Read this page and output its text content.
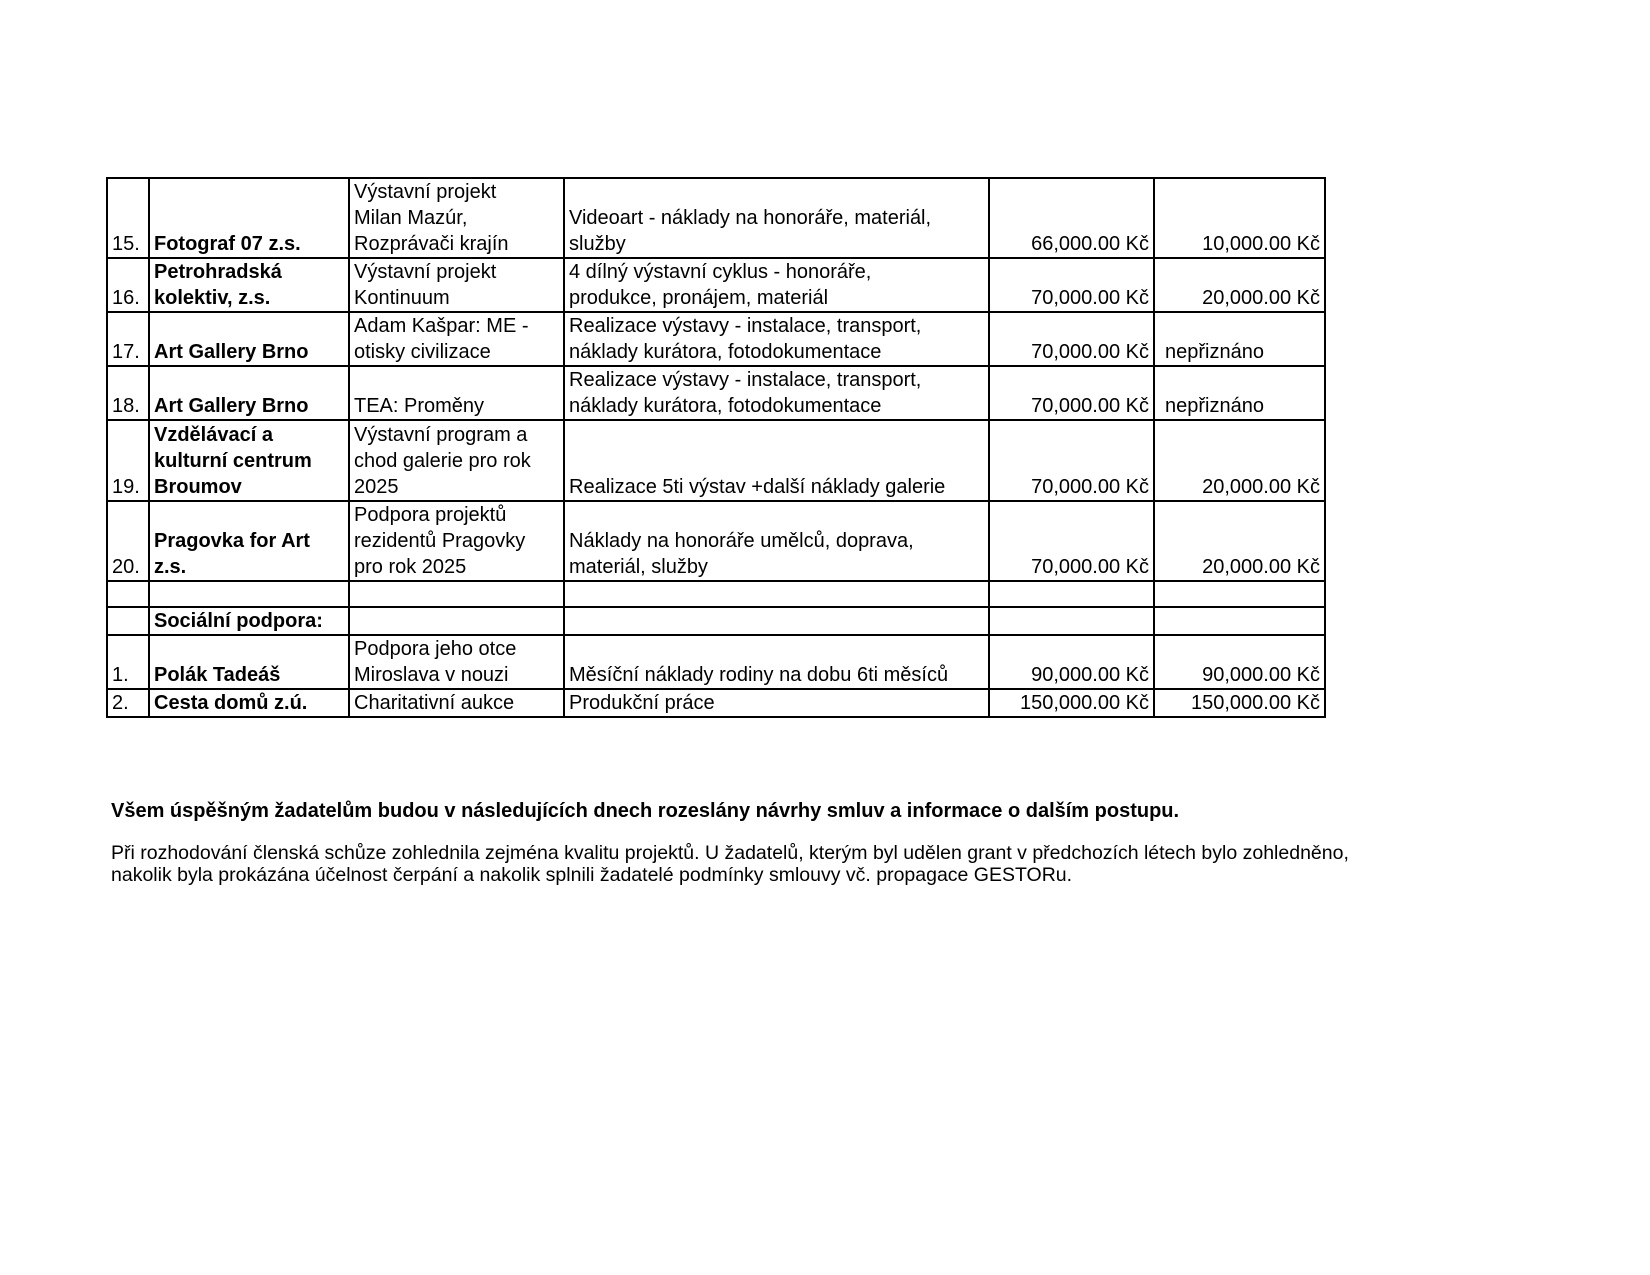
15.	Fotograf 07 z.s.	Výstavní projekt
Milan Mazúr,
Rozprávači krajín	Videoart - náklady na honoráře, materiál,
služby	66,000.00 Kč	10,000.00 Kč
16.	Petrohradská
kolektiv, z.s.	Výstavní projekt
Kontinuum	4 dílný výstavní cyklus - honoráře,
produkce, pronájem, materiál	70,000.00 Kč	20,000.00 Kč
17.	Art Gallery Brno	Adam Kašpar: ME -
otisky civilizace	Realizace výstavy - instalace, transport,
náklady kurátora, fotodokumentace	70,000.00 Kč	nepřiznáno
18.	Art Gallery Brno	TEA: Proměny	Realizace výstavy - instalace, transport,
náklady kurátora, fotodokumentace	70,000.00 Kč	nepřiznáno
19.	Vzdělávací a
kulturní centrum
Broumov	Výstavní program a
chod galerie pro rok
2025	Realizace 5ti výstav +další náklady galerie	70,000.00 Kč	20,000.00 Kč
20.	Pragovka for Art
z.s.	Podpora projektů
rezidentů Pragovky
pro rok 2025	Náklady na honoráře umělců, doprava,
materiál, služby	70,000.00 Kč	20,000.00 Kč

	Sociální podpora:				
1.	Polák Tadeáš	Podpora jeho otce
Miroslava v nouzi	Měsíční náklady rodiny na dobu 6ti měsíců	90,000.00 Kč	90,000.00 Kč
2.	Cesta domů z.ú.	Charitativní aukce	Produkční práce	150,000.00 Kč	150,000.00 Kč

Všem úspěšným žadatelům budou v následujících dnech rozeslány návrhy smluv a informace o dalším postupu.

Při rozhodování členská schůze zohlednila zejména kvalitu projektů. U žadatelů, kterým byl udělen grant v předchozích létech bylo zohledněno,
nakolik byla prokázána účelnost čerpání a nakolik splnili žadatelé podmínky smlouvy vč. propagace GESTORu.
